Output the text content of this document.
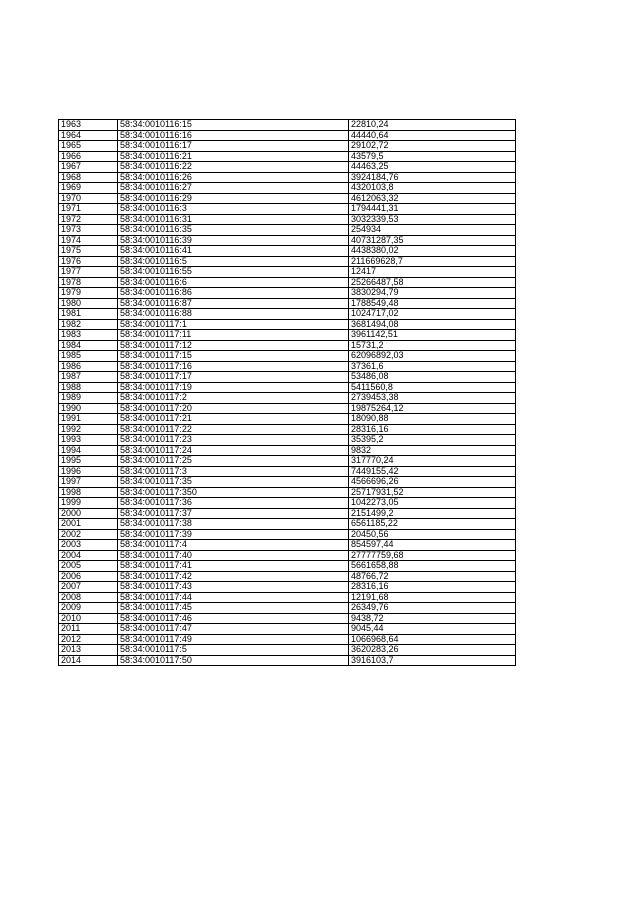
1963	58:34:0010116:15	22810,24
1964	58:34:0010116:16	44440,64
1965	58:34:0010116:17	29102,72
1966	58:34:0010116:21	43579,5
1967	58:34:0010116:22	44463,25
1968	58:34:0010116:26	3924184,76
1969	58:34:0010116:27	4320103,8
1970	58:34:0010116:29	4612063,32
1971	58:34:0010116:3	1794441,31
1972	58:34:0010116:31	3032339,53
1973	58:34:0010116:35	254934
1974	58:34:0010116:39	40731287,35
1975	58:34:0010116:41	4438380,02
1976	58:34:0010116:5	211669628,7
1977	58:34:0010116:55	12417
1978	58:34:0010116:6	25266487,58
1979	58:34:0010116:86	3830294,79
1980	58:34:0010116:87	1788549,48
1981	58:34:0010116:88	1024717,02
1982	58:34:0010117:1	3681494,08
1983	58:34:0010117:11	3961142,51
1984	58:34:0010117:12	15731,2
1985	58:34:0010117:15	62096892,03
1986	58:34:0010117:16	37361,6
1987	58:34:0010117:17	53486,08
1988	58:34:0010117:19	5411560,8
1989	58:34:0010117:2	2739453,38
1990	58:34:0010117:20	19875264,12
1991	58:34:0010117:21	18090,88
1992	58:34:0010117:22	28316,16
1993	58:34:0010117:23	35395,2
1994	58:34:0010117:24	9832
1995	58:34:0010117:25	317770,24
1996	58:34:0010117:3	7449155,42
1997	58:34:0010117:35	4566696,26
1998	58:34:0010117:350	25717931,52
1999	58:34:0010117:36	1042273,05
2000	58:34:0010117:37	2151499,2
2001	58:34:0010117:38	6561185,22
2002	58:34:0010117:39	20450,56
2003	58:34:0010117:4	854597,44
2004	58:34:0010117:40	27777759,68
2005	58:34:0010117:41	5661658,88
2006	58:34:0010117:42	48766,72
2007	58:34:0010117:43	28316,16
2008	58:34:0010117:44	12191,68
2009	58:34:0010117:45	26349,76
2010	58:34:0010117:46	9438,72
2011	58:34:0010117:47	9045,44
2012	58:34:0010117:49	1066968,64
2013	58:34:0010117:5	3620283,26
2014	58:34:0010117:50	3916103,7
